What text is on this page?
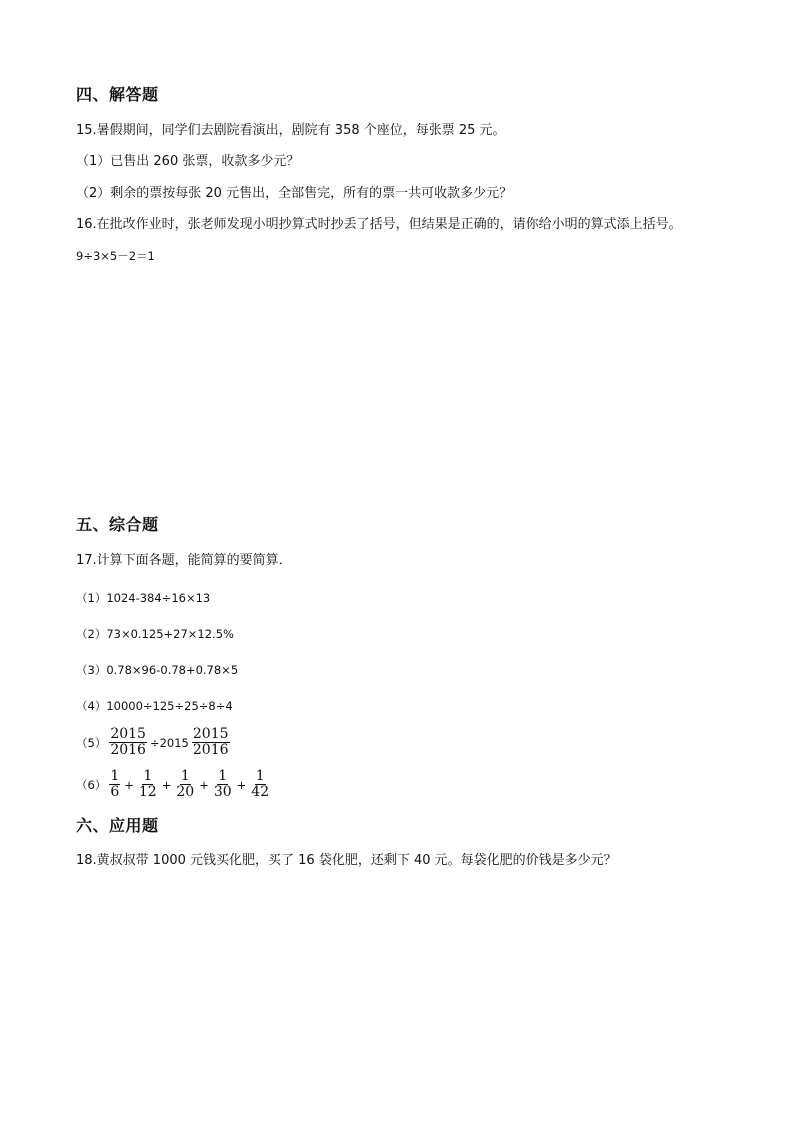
四、解答题
15.暑假期间，同学们去剧院看演出，剧院有 358 个座位，每张票 25 元。
（1）已售出 260 张票，收款多少元？
（2）剩余的票按每张 20 元售出，全部售完，所有的票一共可收款多少元？
16.在批改作业时，张老师发现小明抄算式时抄丢了括号，但结果是正确的，请你给小明的算式添上括号。
9÷3×5－2＝1
五、综合题
17.计算下面各题，能简算的要简算．
（1）1024-384÷16×13
（2）73×0.125+27×12.5%
（3）0.78×96-0.78+0.78×5
（4）10000÷125÷25÷8÷4
$(5) \frac{2015}{2016} \div 2015 \frac{2015}{2016}$
$(6) \frac{1}{6} + \frac{1}{12} + \frac{1}{20} + \frac{1}{30} + \frac{1}{42}$
六、应用题
18.黄叔叔带 1000 元钱买化肥，买了 16 袋化肥，还剩下 40 元。每袋化肥的价钱是多少元？
